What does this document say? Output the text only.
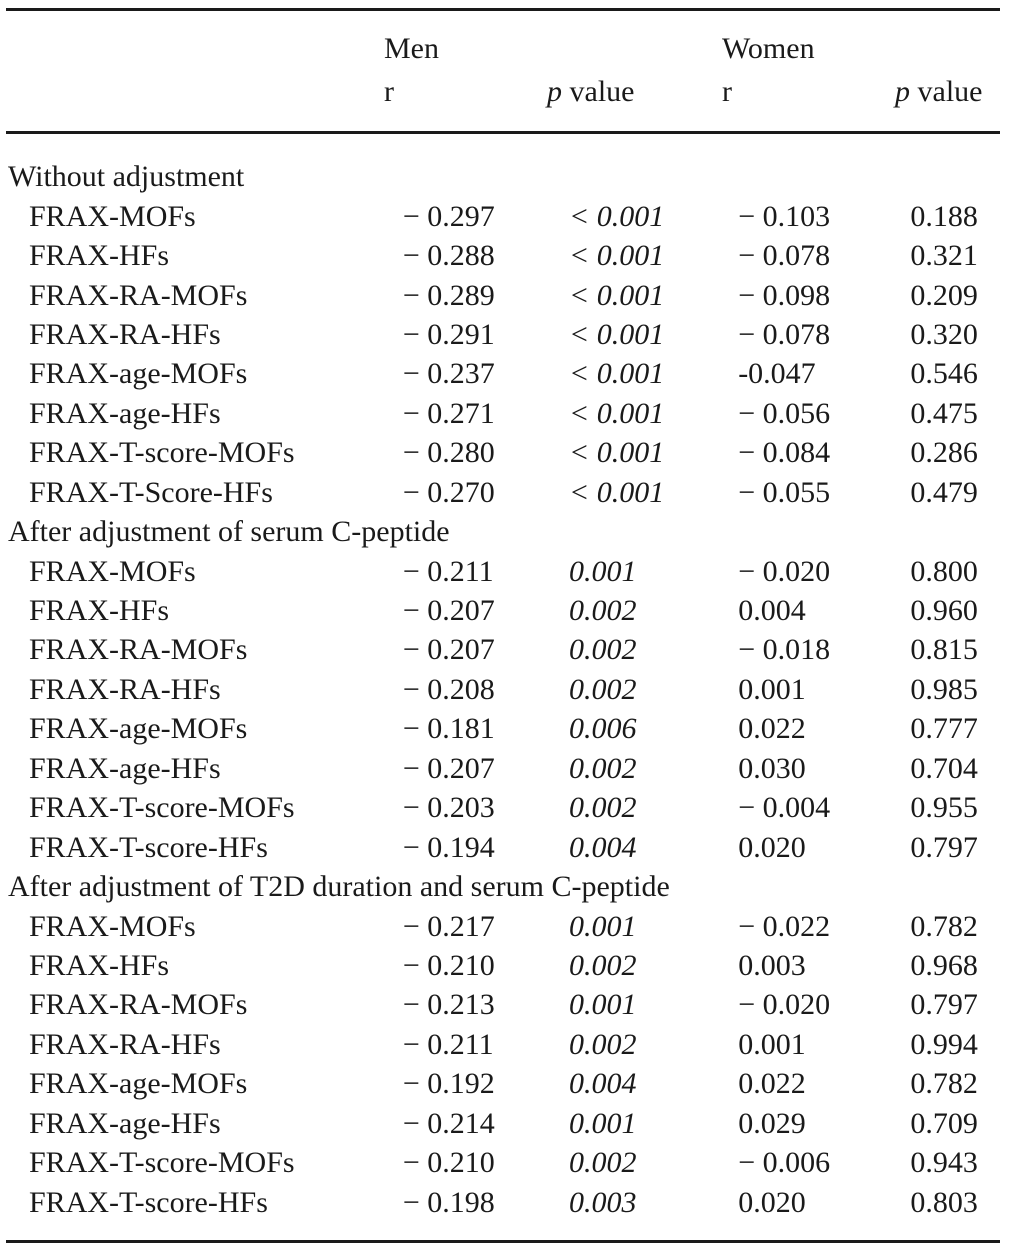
Men
r	p value
Women
r	p value
Without adjustment				
FRAX-MOFs	− 0.297	< 0.001	− 0.103	0.188
FRAX-HFs	− 0.288	< 0.001	− 0.078	0.321
FRAX-RA-MOFs	− 0.289	< 0.001	− 0.098	0.209
FRAX-RA-HFs	− 0.291	< 0.001	− 0.078	0.320
FRAX-age-MOFs	− 0.237	< 0.001	-0.047	0.546
FRAX-age-HFs	− 0.271	< 0.001	− 0.056	0.475
FRAX-T-score-MOFs	− 0.280	< 0.001	− 0.084	0.286
FRAX-T-Score-HFs	− 0.270	< 0.001	− 0.055	0.479
After adjustment of serum C-peptide				
FRAX-MOFs	− 0.211	0.001	− 0.020	0.800
FRAX-HFs	− 0.207	0.002	0.004	0.960
FRAX-RA-MOFs	− 0.207	0.002	− 0.018	0.815
FRAX-RA-HFs	− 0.208	0.002	0.001	0.985
FRAX-age-MOFs	− 0.181	0.006	0.022	0.777
FRAX-age-HFs	− 0.207	0.002	0.030	0.704
FRAX-T-score-MOFs	− 0.203	0.002	− 0.004	0.955
FRAX-T-score-HFs	− 0.194	0.004	0.020	0.797
After adjustment of T2D duration and serum C-peptide				
FRAX-MOFs	− 0.217	0.001	− 0.022	0.782
FRAX-HFs	− 0.210	0.002	0.003	0.968
FRAX-RA-MOFs	− 0.213	0.001	− 0.020	0.797
FRAX-RA-HFs	− 0.211	0.002	0.001	0.994
FRAX-age-MOFs	− 0.192	0.004	0.022	0.782
FRAX-age-HFs	− 0.214	0.001	0.029	0.709
FRAX-T-score-MOFs	− 0.210	0.002	− 0.006	0.943
FRAX-T-score-HFs	− 0.198	0.003	0.020	0.803
